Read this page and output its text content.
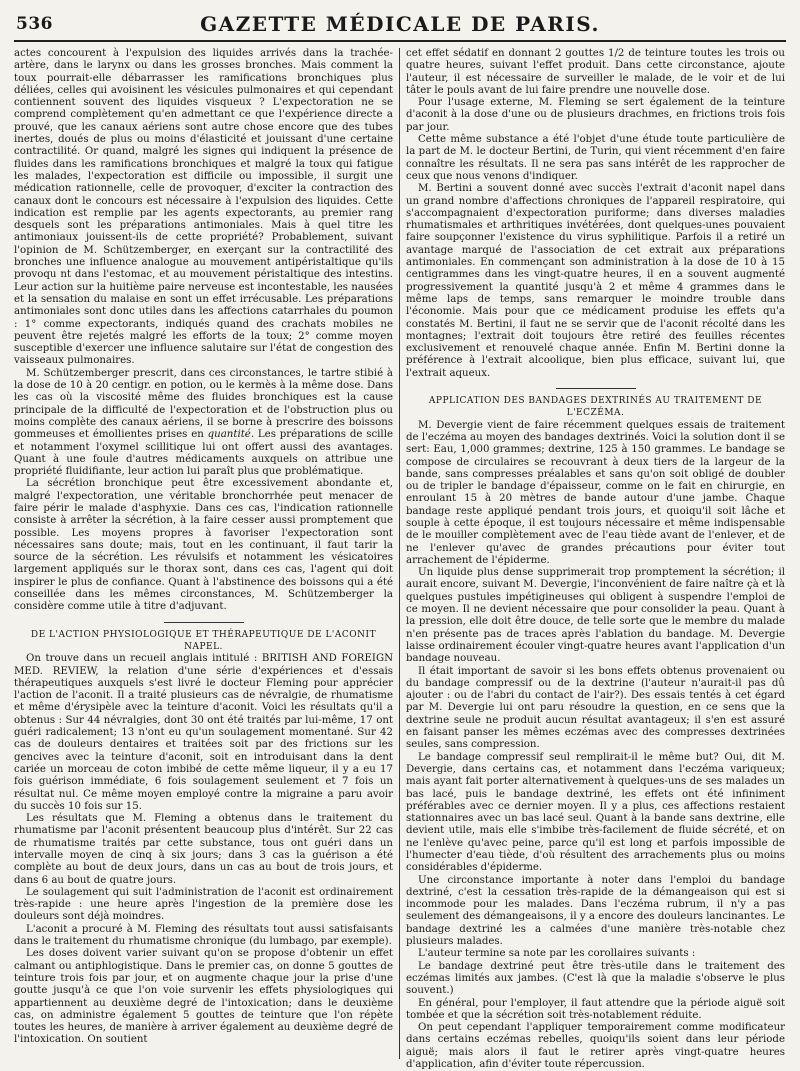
536	GAZETTE MÉDICALE DE PARIS.

actes concourent à l'expulsion des liquides arrivés dans la trachée-artère, dans le larynx ou dans les grosses bronches. Mais comment la toux pourrait-elle débarrasser les ramifications bronchiques plus déliées, celles qui avoisinent les vésicules pulmonaires et qui cependant contiennent souvent des liquides visqueux ? L'expectoration ne se comprend complètement qu'en admettant ce que l'expérience directe a prouvé, que les canaux aériens sont autre chose encore que des tubes inertes, doués de plus ou moins d'élasticité et jouissant d'une certaine contractilité. Or quand, malgré les signes qui indiquent la présence de fluides dans les ramifications bronchiques et malgré la toux qui fatigue les malades, l'expectoration est difficile ou impossible, il surgit une médication rationnelle, celle de provoquer, d'exciter la contraction des canaux dont le concours est nécessaire à l'expulsion des liquides. Cette indication est remplie par les agents expectorants, au premier rang desquels sont les préparations antimoniales. Mais à quel titre les antimoniaux jouissent-ils de cette propriété? Probablement, suivant l'opinion de M. Schützemberger, en exerçant sur la contractilité des bronches une influence analogue au mouvement antipéristaltique qu'ils provoqu nt dans l'estomac, et au mouvement péristaltique des intestins. Leur action sur la huitième paire nerveuse est incontestable, les nausées et la sensation du malaise en sont un effet irrécusable. Les préparations antimoniales sont donc utiles dans les affections catarrhales du poumon : 1° comme expectorants, indiqués quand des crachats mobiles ne peuvent être rejetés malgré les efforts de la toux; 2° comme moyen susceptible d'exercer une influence salutaire sur l'état de congestion des vaisseaux pulmonaires.

M. Schützemberger prescrit, dans ces circonstances, le tartre stibié à la dose de 10 à 20 centigr. en potion, ou le kermès à la même dose. Dans les cas où la viscosité même des fluides bronchiques est la cause principale de la difficulté de l'expectoration et de l'obstruction plus ou moins complète des canaux aériens, il se borne à prescrire des boissons gommeuses et émollientes prises en quantité. Les préparations de scille et notamment l'oxymel scillitique lui ont offert aussi des avantages. Quant à une foule d'autres médicaments auxquels on attribue une propriété fluidifiante, leur action lui paraît plus que problématique.

La sécrétion bronchique peut être excessivement abondante et, malgré l'expectoration, une véritable bronchorrhée peut menacer de faire périr le malade d'asphyxie. Dans ces cas, l'indication rationnelle consiste à arrêter la sécrétion, à la faire cesser aussi promptement que possible. Les moyens propres à favoriser l'expectoration sont nécessaires sans doute; mais, tout en les continuant, il faut tarir la source de la sécrétion. Les révulsifs et notamment les vésicatoires largement appliqués sur le thorax sont, dans ces cas, l'agent qui doit inspirer le plus de confiance. Quant à l'abstinence des boissons qui a été conseillée dans les mêmes circonstances, M. Schützemberger la considère comme utile à titre d'adjuvant.

DE L'ACTION PHYSIOLOGIQUE ET THÉRAPEUTIQUE DE L'ACONIT NAPEL.

On trouve dans un recueil anglais intitulé : BRITISH AND FOREIGN MED. REVIEW, la relation d'une série d'expériences et d'essais thérapeutiques auxquels s'est livré le docteur Fleming pour apprécier l'action de l'aconit. Il a traité plusieurs cas de névralgie, de rhumatisme et même d'érysipèle avec la teinture d'aconit. Voici les résultats qu'il a obtenus : Sur 44 névralgies, dont 30 ont été traités par lui-même, 17 ont guéri radicalement; 13 n'ont eu qu'un soulagement momentané. Sur 42 cas de douleurs dentaires et traitées soit par des frictions sur les gencives avec la teinture d'aconit, soit en introduisant dans la dent cariée un morceau de coton imbibé de cette même liqueur, il y a eu 17 fois guérison immédiate, 6 fois soulagement seulement et 7 fois un résultat nul. Ce même moyen employé contre la migraine a paru avoir du succès 10 fois sur 15.

Les résultats que M. Fleming a obtenus dans le traitement du rhumatisme par l'aconit présentent beaucoup plus d'intérêt. Sur 22 cas de rhumatisme traités par cette substance, tous ont guéri dans un intervalle moyen de cinq à six jours; dans 3 cas la guérison a été complète au bout de deux jours, dans un cas au bout de trois jours, et dans 6 au bout de quatre jours.

Le soulagement qui suit l'administration de l'aconit est ordinairement très-rapide : une heure après l'ingestion de la première dose les douleurs sont déjà moindres.

L'aconit a procuré à M. Fleming des résultats tout aussi satisfaisants dans le traitement du rhumatisme chronique (du lumbago, par exemple).

Les doses doivent varier suivant qu'on se propose d'obtenir un effet calmant ou antiphlogistique. Dans le premier cas, on donne 5 gouttes de teinture trois fois par jour, et on augmente chaque jour la prise d'une goutte jusqu'à ce que l'on voie survenir les effets physiologiques qui appartiennent au deuxième degré de l'intoxication; dans le deuxième cas, on administre également 5 gouttes de teinture que l'on répète toutes les heures, de manière à arriver également au deuxième degré de l'intoxication. On soutient

cet effet sédatif en donnant 2 gouttes 1/2 de teinture toutes les trois ou quatre heures, suivant l'effet produit. Dans cette circonstance, ajoute l'auteur, il est nécessaire de surveiller le malade, de le voir et de lui tâter le pouls avant de lui faire prendre une nouvelle dose.

Pour l'usage externe, M. Fleming se sert également de la teinture d'aconit à la dose d'une ou de plusieurs drachmes, en frictions trois fois par jour.

Cette même substance a été l'objet d'une étude toute particulière de la part de M. le docteur Bertini, de Turin, qui vient récemment d'en faire connaître les résultats. Il ne sera pas sans intérêt de les rapprocher de ceux que nous venons d'indiquer.

M. Bertini a souvent donné avec succès l'extrait d'aconit napel dans un grand nombre d'affections chroniques de l'appareil respiratoire, qui s'accompagnaient d'expectoration puriforme; dans diverses maladies rhumatismales et arthritiques invétérées, dont quelques-unes pouvaient faire soupçonner l'existence du virus syphilitique. Parfois il a retiré un avantage marqué de l'association de cet extrait aux préparations antimoniales. En commençant son administration à la dose de 10 à 15 centigrammes dans les vingt-quatre heures, il en a souvent augmenté progressivement la quantité jusqu'à 2 et même 4 grammes dans le même laps de temps, sans remarquer le moindre trouble dans l'économie. Mais pour que ce médicament produise les effets qu'a constatés M. Bertini, il faut ne se servir que de l'aconit récolté dans les montagnes; l'extrait doit toujours être retiré des feuilles récentes exclusivement et renouvelé chaque année. Enfin M. Bertini donne la préférence à l'extrait alcoolique, bien plus efficace, suivant lui, que l'extrait aqueux.

APPLICATION DES BANDAGES DEXTRINÉS AU TRAITEMENT DE L'ECZÉMA.

M. Devergie vient de faire récemment quelques essais de traitement de l'eczéma au moyen des bandages dextrinés. Voici la solution dont il se sert: Eau, 1,000 grammes; dextrine, 125 à 150 grammes. Le bandage se compose de circulaires se recouvrant à deux tiers de la largeur de la bande, sans compresses préalables et sans qu'on soit obligé de doubler ou de tripler le bandage d'épaisseur, comme on le fait en chirurgie, en enroulant 15 à 20 mètres de bande autour d'une jambe. Chaque bandage reste appliqué pendant trois jours, et quoiqu'il soit lâche et souple à cette époque, il est toujours nécessaire et même indispensable de le mouiller complètement avec de l'eau tiède avant de l'enlever, et de ne l'enlever qu'avec de grandes précautions pour éviter tout arrachement de l'épiderme.

Un liquide plus dense supprimerait trop promptement la sécrétion; il aurait encore, suivant M. Devergie, l'inconvénient de faire naître çà et là quelques pustules impétigineuses qui obligent à suspendre l'emploi de ce moyen. Il ne devient nécessaire que pour consolider la peau. Quant à la pression, elle doit être douce, de telle sorte que le membre du malade n'en présente pas de traces après l'ablation du bandage. M. Devergie laisse ordinairement écouler vingt-quatre heures avant l'application d'un bandage nouveau.

Il était important de savoir si les bons effets obtenus provenaient ou du bandage compressif ou de la dextrine (l'auteur n'aurait-il pas dû ajouter : ou de l'abri du contact de l'air?). Des essais tentés à cet égard par M. Devergie lui ont paru résoudre la question, en ce sens que la dextrine seule ne produit aucun résultat avantageux; il s'en est assuré en faisant panser les mêmes eczémas avec des compresses dextrinées seules, sans compression.

Le bandage compressif seul remplirait-il le même but? Oui, dit M. Devergie, dans certains cas, et notamment dans l'eczéma variqueux; mais ayant fait porter alternativement à quelques-uns de ses malades un bas lacé, puis le bandage dextriné, les effets ont été infiniment préférables avec ce dernier moyen. Il y a plus, ces affections restaient stationnaires avec un bas lacé seul. Quant à la bande sans dextrine, elle devient utile, mais elle s'imbibe très-facilement de fluide sécrété, et on ne l'enlève qu'avec peine, parce qu'il est long et parfois impossible de l'humecter d'eau tiède, d'où résultent des arrachements plus ou moins considérables d'épiderme.

Une circonstance importante à noter dans l'emploi du bandage dextriné, c'est la cessation très-rapide de la démangeaison qui est si incommode pour les malades. Dans l'eczéma rubrum, il n'y a pas seulement des démangeaisons, il y a encore des douleurs lancinantes. Le bandage dextriné les a calmées d'une manière très-notable chez plusieurs malades.

L'auteur termine sa note par les corollaires suivants :

Le bandage dextriné peut être très-utile dans le traitement des eczémas limités aux jambes. (C'est là que la maladie s'observe le plus souvent.)

En général, pour l'employer, il faut attendre que la période aiguë soit tombée et que la sécrétion soit très-notablement réduite.

On peut cependant l'appliquer temporairement comme modificateur dans certains eczémas rebelles, quoiqu'ils soient dans leur période aiguë; mais alors il faut le retirer après vingt-quatre heures d'application, afin d'éviter toute répercussion.
